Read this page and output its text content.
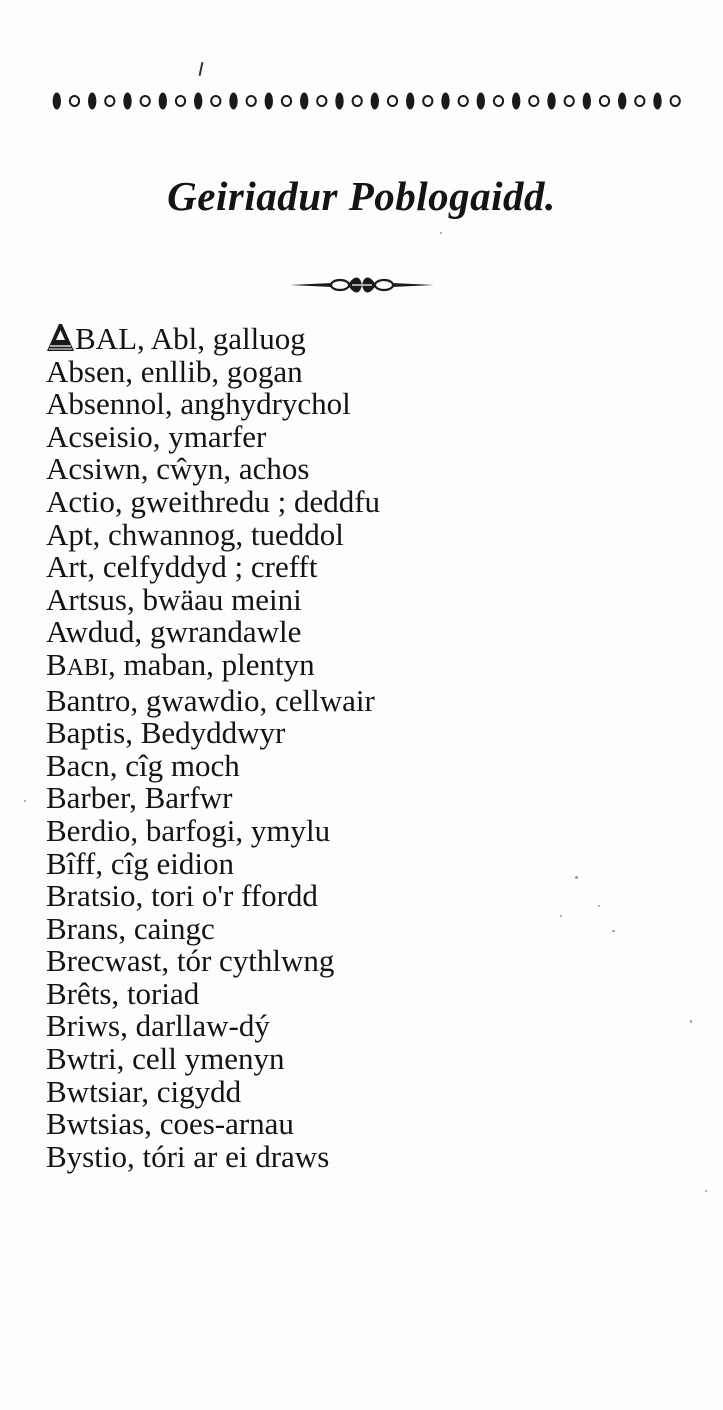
Geiriadur Poblogaidd.
BAL, Abl, galluog
Absen, enllib, gogan
Absennol, anghydrychol
Acseisio, ymarfer
Acsiwn, cŵyn, achos
Actio, gweithredu ; deddfu
Apt, chwannog, tueddol
Art, celfyddyd ; crefft
Artsus, bwäau meini
Awdud, gwrandawle
BABI, maban, plentyn
Bantro, gwawdio, cellwair
Baptis, Bedyddwyr
Bacn, cîg moch
Barber, Barfwr
Berdio, barfogi, ymylu
Bîff, cîg eidion
Bratsio, tori o'r ffordd
Brans, caingc
Brecwast, tór cythlwng
Brêts, toriad
Briws, darllaw-dý
Bwtri, cell ymenyn
Bwtsiar, cigydd
Bwtsias, coes-arnau
Bystio, tóri ar ei draws
